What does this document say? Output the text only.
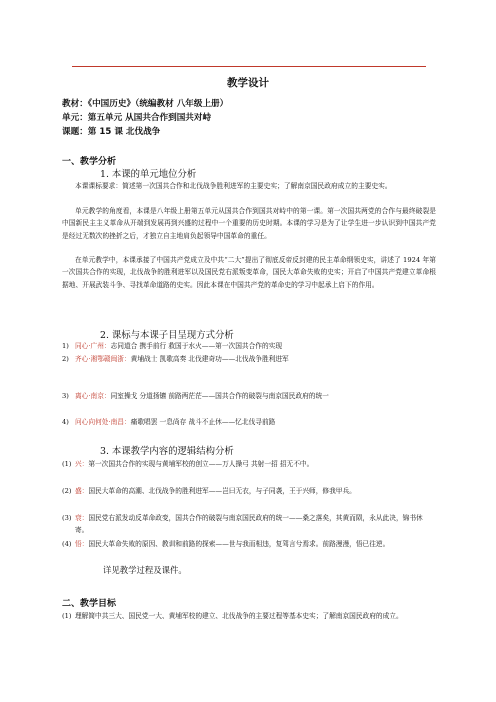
教学设计
教材：《中国历史》（统编教材 八年级上册）
单元：第五单元 从国共合作到国共对峙
课题：第 15 课 北伐战争
一、教学分析
1. 本课的单元地位分析
本课课标要求：简述第一次国共合作和北伐战争胜利进军的主要史实；了解南京国民政府成立的主要史实。
单元教学的角度看，本课是八年级上册第五单元从国共合作到国共对峙中的第一课。第一次国共两党的合作与最终破裂是中国新民主主义革命从开端到发展再到兴盛的过程中一个重要的历史时期。本课的学习是为了让学生进一步认识到中国共产党是经过无数次的挫折之后，才独立自主地肩负起领导中国革命的重任。
在单元教学中，本课承接了中国共产党成立及中共“二大”提出了彻底反帝反封建的民主革命纲领史实，讲述了 1924 年第一次国共合作的实现，北伐战争的胜利进军以及国民党右派叛变革命，国民大革命失败的史实；开启了中国共产党建立革命根据地、开展武装斗争、寻找革命道路的史实。因此本课在中国共产党的革命史的学习中起承上启下的作用。
2. 课标与本课子目呈现方式分析
1) 同心·广州：志同道合 携手前行 救国于水火——第一次国共合作的实现
2) 齐心·湘鄂赣闽浙：黄埔战士 凯歌高奏 北伐建奇功——北伐战争胜利进军
3) 离心·南京：同室操戈 分道扬镳 前路两茫茫——国共合作的破裂与南京国民政府的统一
4) 问心向何处·南昌：痛歌唱罢 一息尚存 战斗不止休——忆北伐寻前路
3. 本课教学内容的逻辑结构分析
(1) 兴：第一次国共合作的实现与黄埔军校的创立——万人操弓 共射一招 招无不中。
(2) 盛：国民大革命的高潮、北伐战争的胜利进军——岂曰无衣，与子同袭，王于兴师，修我甲兵。
(3) 衰：国民党右派发动反革命政变，国共合作的破裂与南京国民政府的统一——桑之落矣，其黄而陨，永从此决，锦书休寄。
(4) 悟：国民大革命失败的原因、教训和前路的探索——世与我而相违，复驾言兮焉求。前路漫漫，悟已往逆。
详见教学过程及课件。
二、教学目标
(1) 理解简中共三大、国民党一大、黄埔军校的建立、北伐战争的主要过程等基本史实；了解南京国民政府的成立。
